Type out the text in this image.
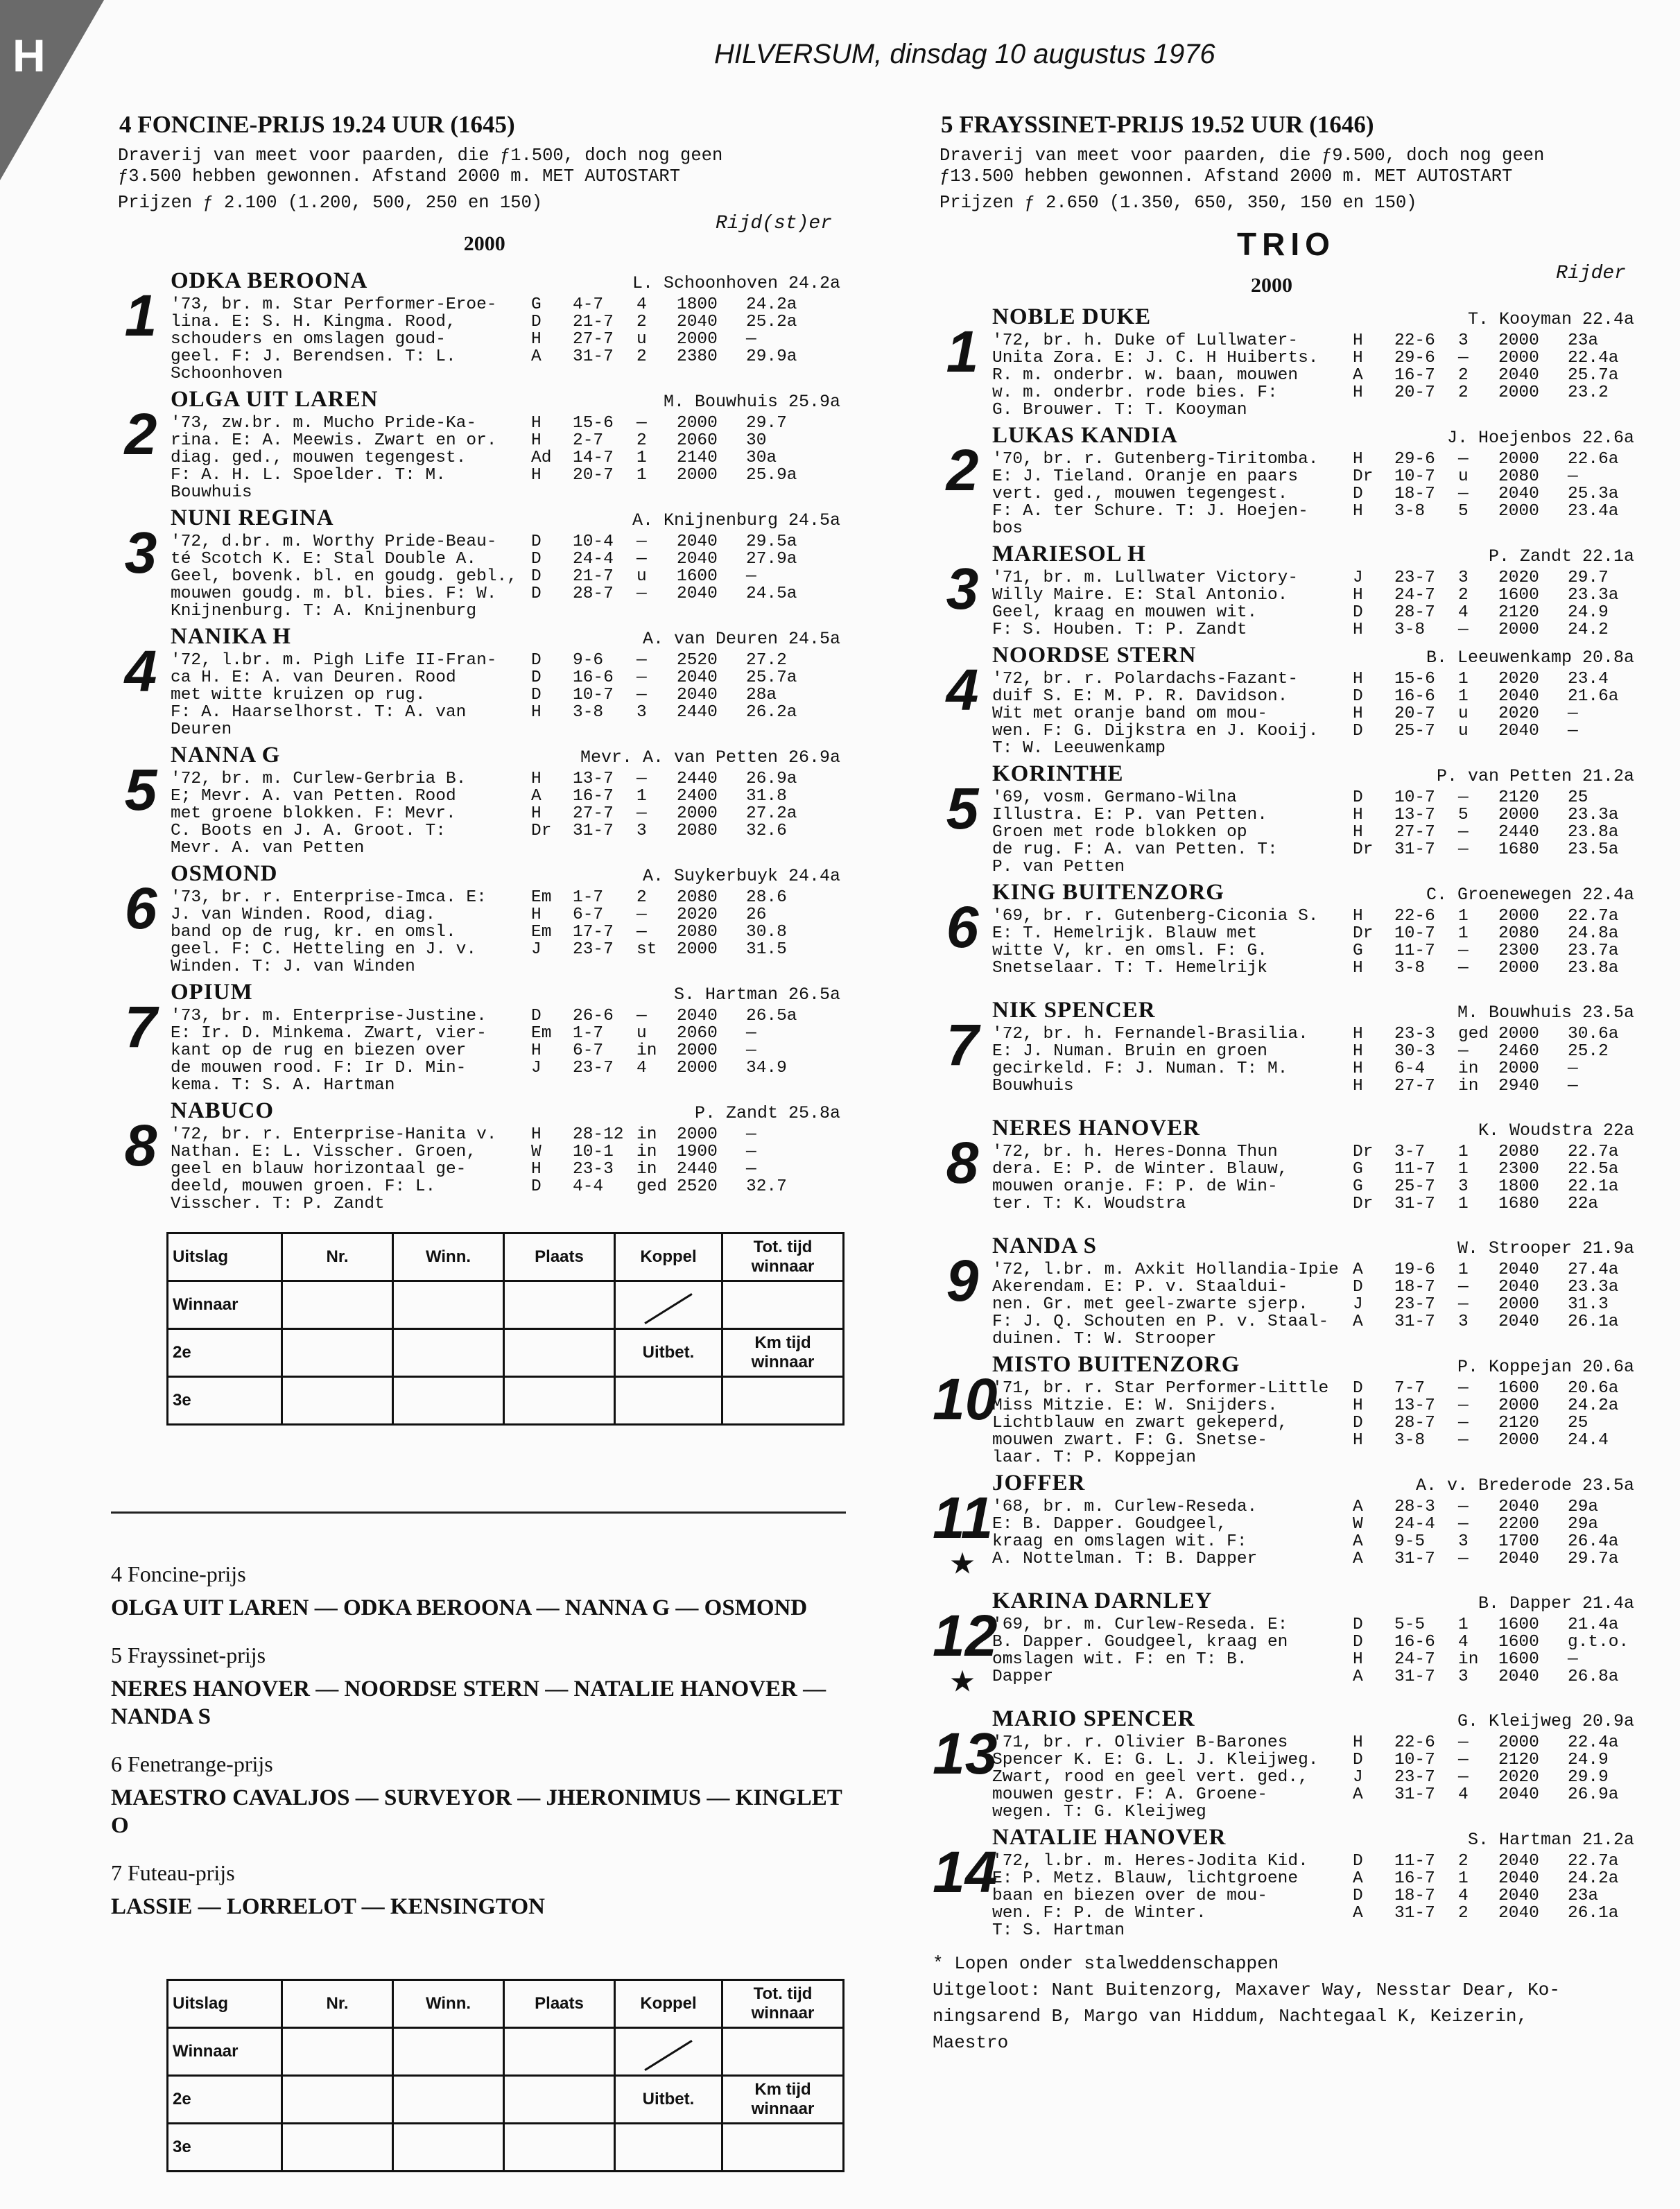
H	HILVERSUM, dinsdag 10 augustus 1976
4 FONCINE-PRIJS 19.24 UUR (1645)
Draverij van meet voor paarden, die ƒ1.500, doch nog geen
ƒ3.500 hebben gewonnen. Afstand 2000 m. MET AUTOSTART
Prijzen ƒ 2.100 (1.200, 500, 250 en 150)
Rijd(st)er
2000
1
ODKA BEROONA	L. Schoonhoven 24.2a
'73, br. m. Star Performer-Eroe-
lina. E: S. H. Kingma. Rood,
schouders en omslagen goud-
geel. F: J. Berendsen. T: L.
Schoonhoven
G	4-7	4	1800	24.2a
D	21-7	2	2040	25.2a
H	27-7	u	2000	—
A	31-7	2	2380	29.9a
2
OLGA UIT LAREN	M. Bouwhuis 25.9a
'73, zw.br. m. Mucho Pride-Ka-
rina. E: A. Meewis. Zwart en or.
diag. ged., mouwen tegengest.
F: A. H. L. Spoelder. T: M.
Bouwhuis
H	15-6	—	2000	29.7
H	2-7	2	2060	30
Ad	14-7	1	2140	30a
H	20-7	1	2000	25.9a
3
NUNI REGINA	A. Knijnenburg 24.5a
'72, d.br. m. Worthy Pride-Beau-
té Scotch K. E: Stal Double A.
Geel, bovenk. bl. en goudg. gebl.,
mouwen goudg. m. bl. bies. F: W.
Knijnenburg. T: A. Knijnenburg
D	10-4	—	2040	29.5a
D	24-4	—	2040	27.9a
D	21-7	u	1600	—
D	28-7	—	2040	24.5a
4
NANIKA H	A. van Deuren 24.5a
'72, l.br. m. Pigh Life II-Fran-
ca H. E: A. van Deuren. Rood
met witte kruizen op rug.
F: A. Haarselhorst. T: A. van
Deuren
D	9-6	—	2520	27.2
D	16-6	—	2040	25.7a
D	10-7	—	2040	28a
H	3-8	3	2440	26.2a
5
NANNA G	Mevr. A. van Petten 26.9a
'72, br. m. Curlew-Gerbria B.
E; Mevr. A. van Petten. Rood
met groene blokken. F: Mevr.
C. Boots en J. A. Groot. T:
Mevr. A. van Petten
H	13-7	—	2440	26.9a
A	16-7	1	2400	31.8
H	27-7	—	2000	27.2a
Dr	31-7	3	2080	32.6
6
OSMOND	A. Suykerbuyk 24.4a
'73, br. r. Enterprise-Imca. E:
J. van Winden. Rood, diag.
band op de rug, kr. en omsl.
geel. F: C. Hetteling en J. v.
Winden. T: J. van Winden
Em	1-7	2	2080	28.6
H	6-7	—	2020	26
Em	17-7	—	2080	30.8
J	23-7	st	2000	31.5
7
OPIUM	S. Hartman 26.5a
'73, br. m. Enterprise-Justine.
E: Ir. D. Minkema. Zwart, vier-
kant op de rug en biezen over
de mouwen rood. F: Ir D. Min-
kema. T: S. A. Hartman
D	26-6	—	2040	26.5a
Em	1-7	u	2060	—
H	6-7	in	2000	—
J	23-7	4	2000	34.9
8
NABUCO	P. Zandt 25.8a
'72, br. r. Enterprise-Hanita v.
Nathan. E: L. Visscher. Groen,
geel en blauw horizontaal ge-
deeld, mouwen groen. F: L.
Visscher. T: P. Zandt
H	28-12 in	2000	—
W	10-1	in	1900	—
H	23-3	in	2440	—
D	4-4	ged 2520	32.7
Uitslag	Nr.	Winn.	Plaats	Koppel	Tot. tijd winnaar
Winnaar					
2e				Uitbet.	Km tijd winnaar
3e					
4 Foncine-prijs
OLGA UIT LAREN — ODKA BEROONA — NANNA G — OSMOND
5 Frayssinet-prijs
NERES HANOVER — NOORDSE STERN — NATALIE HANOVER — NANDA S
6 Fenetrange-prijs
MAESTRO CAVALJOS — SURVEYOR — JHERONIMUS — KINGLET O
7 Futeau-prijs
LASSIE — LORRELOT — KENSINGTON
Uitslag	Nr.	Winn.	Plaats	Koppel	Tot. tijd winnaar
Winnaar					
2e				Uitbet.	Km tijd winnaar
3e					
5 FRAYSSINET-PRIJS 19.52 UUR (1646)
Draverij van meet voor paarden, die ƒ9.500, doch nog geen
ƒ13.500 hebben gewonnen. Afstand 2000 m. MET AUTOSTART
Prijzen ƒ 2.650 (1.350, 650, 350, 150 en 150)
TRIO
Rijder
2000
1
NOBLE DUKE	T. Kooyman 22.4a
'72, br. h. Duke of Lullwater-
Unita Zora. E: J. C. H Huiberts.
R. m. onderbr. w. baan, mouwen
w. m. onderbr. rode bies. F:
G. Brouwer. T: T. Kooyman
H	22-6	3	2000	23a
H	29-6	—	2000	22.4a
A	16-7	2	2040	25.7a
H	20-7	2	2000	23.2
2
LUKAS KANDIA	J. Hoejenbos 22.6a
'70, br. r. Gutenberg-Tiritomba.
E: J. Tieland. Oranje en paars
vert. ged., mouwen tegengest.
F: A. ter Schure. T: J. Hoejen-
bos
H	29-6	—	2000	22.6a
Dr	10-7	u	2080	—
D	18-7	—	2040	25.3a
H	3-8	5	2000	23.4a
3
MARIESOL H	P. Zandt 22.1a
'71, br. m. Lullwater Victory-
Willy Maire. E: Stal Antonio.
Geel, kraag en mouwen wit.
F: S. Houben. T: P. Zandt
J	23-7	3	2020	29.7
H	24-7	2	1600	23.3a
D	28-7	4	2120	24.9
H	3-8	—	2000	24.2
4
NOORDSE STERN	B. Leeuwenkamp 20.8a
'72, br. r. Polardachs-Fazant-
duif S. E: M. P. R. Davidson.
Wit met oranje band om mou-
wen. F: G. Dijkstra en J. Kooij.
T: W. Leeuwenkamp
H	15-6	1	2020	23.4
D	16-6	1	2040	21.6a
H	20-7	u	2020	—
D	25-7	u	2040	—
5
KORINTHE	P. van Petten 21.2a
'69, vosm. Germano-Wilna
Illustra. E: P. van Petten.
Groen met rode blokken op
de rug. F: A. van Petten. T:
P. van Petten
D	10-7	—	2120	25
H	13-7	5	2000	23.3a
H	27-7	—	2440	23.8a
Dr	31-7	—	1680	23.5a
6
KING BUITENZORG	C. Groenewegen 22.4a
'69, br. r. Gutenberg-Ciconia S.
E: T. Hemelrijk. Blauw met
witte V, kr. en omsl. F: G.
Snetselaar. T: T. Hemelrijk
H	22-6	1	2000	22.7a
Dr	10-7	1	2080	24.8a
G	11-7	—	2300	23.7a
H	3-8	—	2000	23.8a
7
NIK SPENCER	M. Bouwhuis 23.5a
'72, br. h. Fernandel-Brasilia.
E: J. Numan. Bruin en groen
gecirkeld. F: J. Numan. T: M.
Bouwhuis
H	23-3	ged 2000	30.6a
H	30-3	—	2460	25.2
H	6-4	in	2000	—
H	27-7	in	2940	—
8
NERES HANOVER	K. Woudstra 22a
'72, br. h. Heres-Donna Thun
dera. E: P. de Winter. Blauw,
mouwen oranje. F: P. de Win-
ter. T: K. Woudstra
Dr	3-7	1	2080	22.7a
G	11-7	1	2300	22.5a
G	25-7	3	1800	22.1a
Dr	31-7	1	1680	22a
9
NANDA S	W. Strooper 21.9a
'72, l.br. m. Axkit Hollandia-Ipie
Akerendam. E: P. v. Staaldui-
nen. Gr. met geel-zwarte sjerp.
F: J. Q. Schouten en P. v. Staal-
duinen. T: W. Strooper
A	19-6	1	2040	27.4a
D	18-7	—	2040	23.3a
J	23-7	—	2000	31.3
A	31-7	3	2040	26.1a
10
MISTO BUITENZORG	P. Koppejan 20.6a
'71, br. r. Star Performer-Little
Miss Mitzie. E: W. Snijders.
Lichtblauw en zwart gekeperd,
mouwen zwart. F: G. Snetse-
laar. T: P. Koppejan
D	7-7	—	1600	20.6a
H	13-7	—	2000	24.2a
D	28-7	—	2120	25
H	3-8	—	2000	24.4
11
★
JOFFER	A. v. Brederode 23.5a
'68, br. m. Curlew-Reseda.
E: B. Dapper. Goudgeel,
kraag en omslagen wit. F:
A. Nottelman. T: B. Dapper
A	28-3	—	2040	29a
W	24-4	—	2200	29a
A	9-5	3	1700	26.4a
A	31-7	—	2040	29.7a
12
★
KARINA DARNLEY	B. Dapper 21.4a
'69, br. m. Curlew-Reseda. E:
B. Dapper. Goudgeel, kraag en
omslagen wit. F: en T: B.
Dapper
D	5-5	1	1600	21.4a
D	16-6	4	1600	g.t.o.
H	24-7	in	1600	—
A	31-7	3	2040	26.8a
13
MARIO SPENCER	G. Kleijweg 20.9a
'71, br. r. Olivier B-Barones
Spencer K. E: G. L. J. Kleijweg.
Zwart, rood en geel vert. ged.,
mouwen gestr. F: A. Groene-
wegen. T: G. Kleijweg
H	22-6	—	2000	22.4a
D	10-7	—	2120	24.9
J	23-7	—	2020	29.9
A	31-7	4	2040	26.9a
14
NATALIE HANOVER	S. Hartman 21.2a
'72, l.br. m. Heres-Jodita Kid.
E: P. Metz. Blauw, lichtgroene
baan en biezen over de mou-
wen. F: P. de Winter.
T: S. Hartman
D	11-7	2	2040	22.7a
A	16-7	1	2040	24.2a
D	18-7	4	2040	23a
A	31-7	2	2040	26.1a
* Lopen onder stalweddenschappen
Uitgeloot: Nant Buitenzorg, Maxaver Way, Nesstar Dear, Ko-
ningsarend B, Margo van Hiddum, Nachtegaal K, Keizerin,
Maestro
